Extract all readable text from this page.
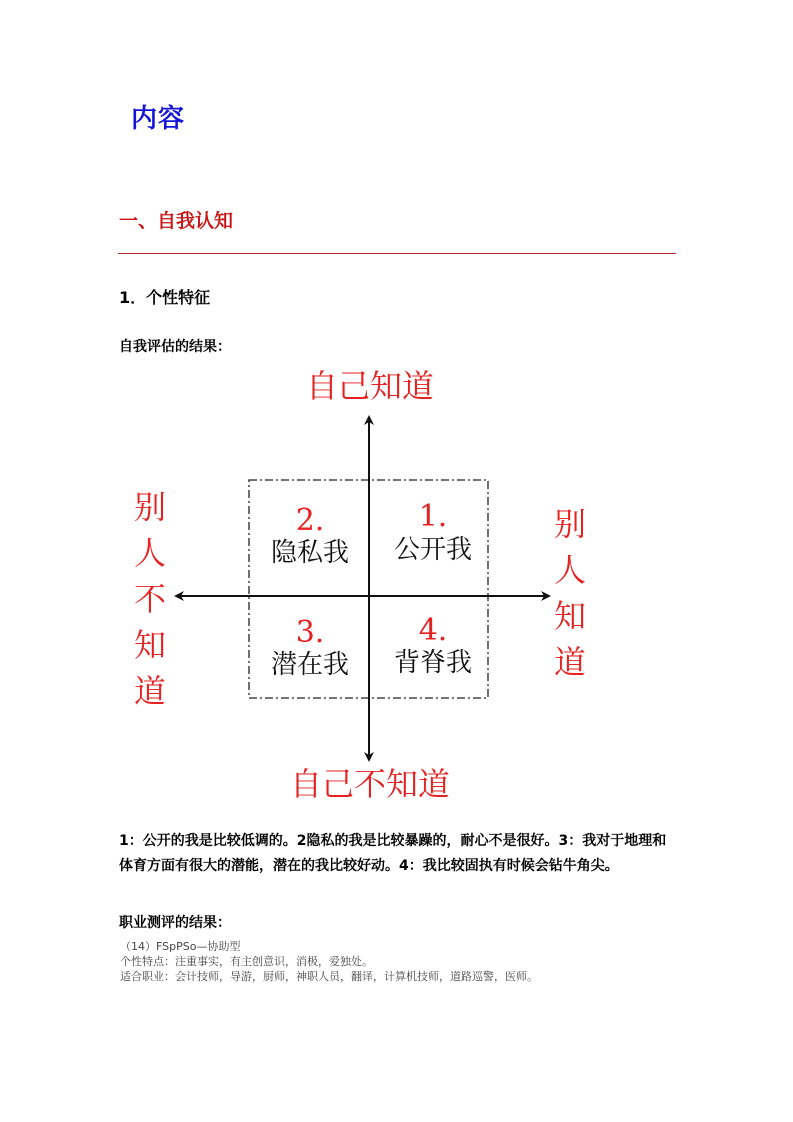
内容
一、自我认知
1．个性特征
自我评估的结果：
自己知道
自己不知道
别
人
不
知
道
别
人
知
道
2.
隐私我
1.
公开我
3.
潜在我
4.
背脊我
1：公开的我是比较低调的。2隐私的我是比较暴躁的，耐心不是很好。3：我对于地理和体育方面有很大的潜能，潜在的我比较好动。4：我比较固执有时候会钻牛角尖。
职业测评的结果：
（14）FSpPSo—协助型
个性特点：注重事实，有主创意识，消极，爱独处。
适合职业：会计技师，导游，厨师，神职人员，翻译，计算机技师，道路巡警，医师。
